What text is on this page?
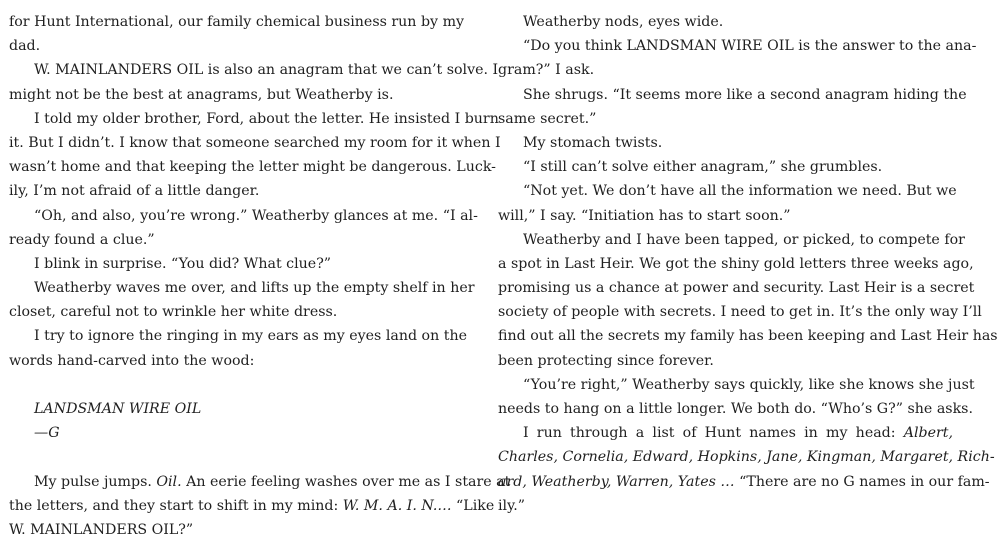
for Hunt International, our family chemical business run by my
dad.
W. MAINLANDERS OIL is also an anagram that we can’t solve. I
might not be the best at anagrams, but Weatherby is.
I told my older brother, Ford, about the letter. He insisted I burn
it. But I didn’t. I know that someone searched my room for it when I
wasn’t home and that keeping the letter might be dangerous. Luck-
ily, I’m not afraid of a little danger.
“Oh, and also, you’re wrong.” Weatherby glances at me. “I al-
ready found a clue.”
I blink in surprise. “You did? What clue?”
Weatherby waves me over, and lifts up the empty shelf in her
closet, careful not to wrinkle her white dress.
I try to ignore the ringing in my ears as my eyes land on the
words hand-carved into the wood:
LANDSMAN WIRE OIL
—G
My pulse jumps. Oil. An eerie feeling washes over me as I stare at
the letters, and they start to shift in my mind: W. M. A. I. N.… “Like
W. MAINLANDERS OIL?”
Weatherby nods, eyes wide.
“Do you think LANDSMAN WIRE OIL is the answer to the ana-
gram?” I ask.
She shrugs. “It seems more like a second anagram hiding the
same secret.”
My stomach twists.
“I still can’t solve either anagram,” she grumbles.
“Not yet. We don’t have all the information we need. But we
will,” I say. “Initiation has to start soon.”
Weatherby and I have been tapped, or picked, to compete for
a spot in Last Heir. We got the shiny gold letters three weeks ago,
promising us a chance at power and security. Last Heir is a secret
society of people with secrets. I need to get in. It’s the only way I’ll
find out all the secrets my family has been keeping and Last Heir has
been protecting since forever.
“You’re right,” Weatherby says quickly, like she knows she just
needs to hang on a little longer. We both do. “Who’s G?” she asks.
I run through a list of Hunt names in my head: Albert,
Charles, Cornelia, Edward, Hopkins, Jane, Kingman, Margaret, Rich-
ard, Weatherby, Warren, Yates … “There are no G names in our fam-
ily.”
